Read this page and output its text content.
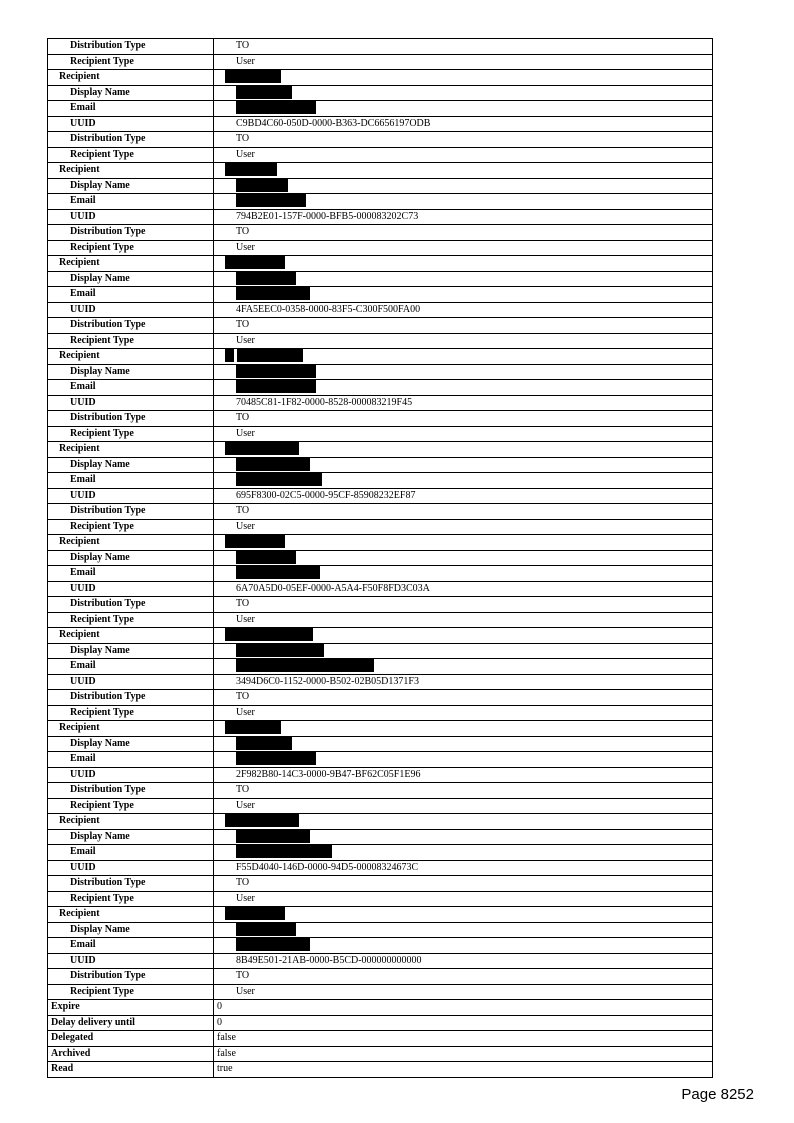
Distribution Type	TO
Recipient Type	User
Recipient	
Display Name	
Email	
UUID	C9BD4C60-050D-0000-B363-DC6656197ODB
Distribution Type	TO
Recipient Type	User
Recipient	
Display Name	
Email	
UUID	794B2E01-157F-0000-BFB5-000083202C73
Distribution Type	TO
Recipient Type	User
Recipient	
Display Name	
Email	
UUID	4FA5EEC0-0358-0000-83F5-C300F500FA00
Distribution Type	TO
Recipient Type	User
Recipient	
Display Name	
Email	
UUID	70485C81-1F82-0000-8528-000083219F45
Distribution Type	TO
Recipient Type	User
Recipient	
Display Name	
Email	
UUID	695F8300-02C5-0000-95CF-85908232EF87
Distribution Type	TO
Recipient Type	User
Recipient	
Display Name	
Email	
UUID	6A70A5D0-05EF-0000-A5A4-F50F8FD3C03A
Distribution Type	TO
Recipient Type	User
Recipient	
Display Name	
Email	
UUID	3494D6C0-1152-0000-B502-02B05D1371F3
Distribution Type	TO
Recipient Type	User
Recipient	
Display Name	
Email	
UUID	2F982B80-14C3-0000-9B47-BF62C05F1E96
Distribution Type	TO
Recipient Type	User
Recipient	
Display Name	
Email	
UUID	F55D4040-146D-0000-94D5-00008324673C
Distribution Type	TO
Recipient Type	User
Recipient	
Display Name	
Email	
UUID	8B49E501-21AB-0000-B5CD-000000000000
Distribution Type	TO
Recipient Type	User
Expire	0
Delay delivery until	0
Delegated	false
Archived	false
Read	true
Page 8252
